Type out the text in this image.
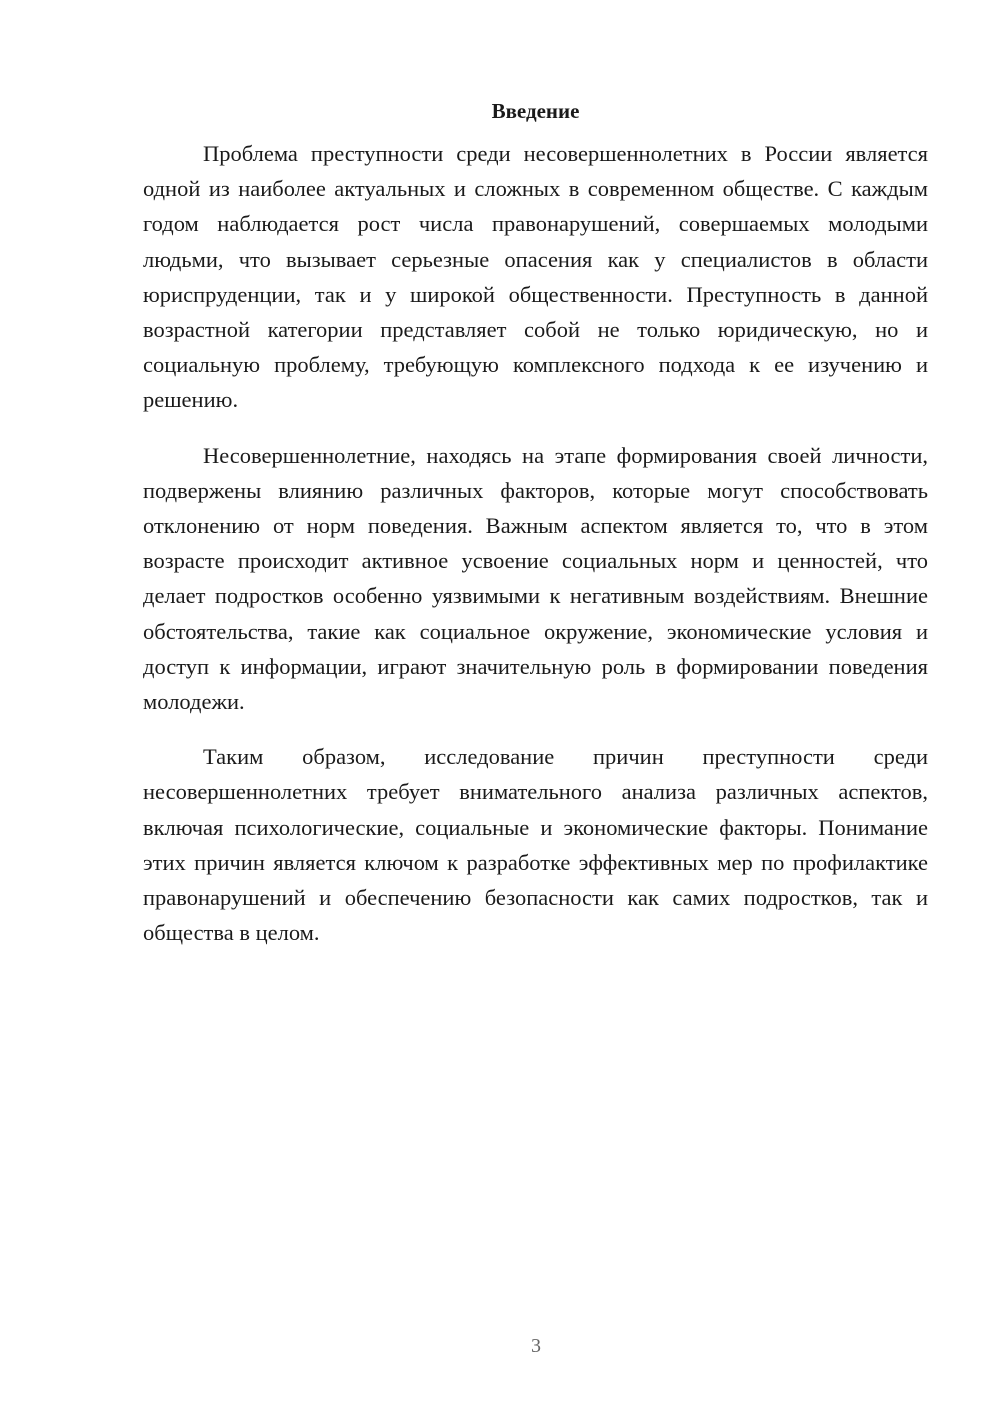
Введение

Проблема преступности среди несовершеннолетних в России является одной из наиболее актуальных и сложных в современном обществе. С каждым годом наблюдается рост числа правонарушений, совершаемых молодыми людьми, что вызывает серьезные опасения как у специалистов в области юриспруденции, так и у широкой общественности. Преступность в данной возрастной категории представляет собой не только юридическую, но и социальную проблему, требующую комплексного подхода к ее изучению и решению.

Несовершеннолетние, находясь на этапе формирования своей личности, подвержены влиянию различных факторов, которые могут способствовать отклонению от норм поведения. Важным аспектом является то, что в этом возрасте происходит активное усвоение социальных норм и ценностей, что делает подростков особенно уязвимыми к негативным воздействиям. Внешние обстоятельства, такие как социальное окружение, экономические условия и доступ к информации, играют значительную роль в формировании поведения молодежи.

Таким образом, исследование причин преступности среди несовершеннолетних требует внимательного анализа различных аспектов, включая психологические, социальные и экономические факторы. Понимание этих причин является ключом к разработке эффективных мер по профилактике правонарушений и обеспечению безопасности как самих подростков, так и общества в целом.

3
